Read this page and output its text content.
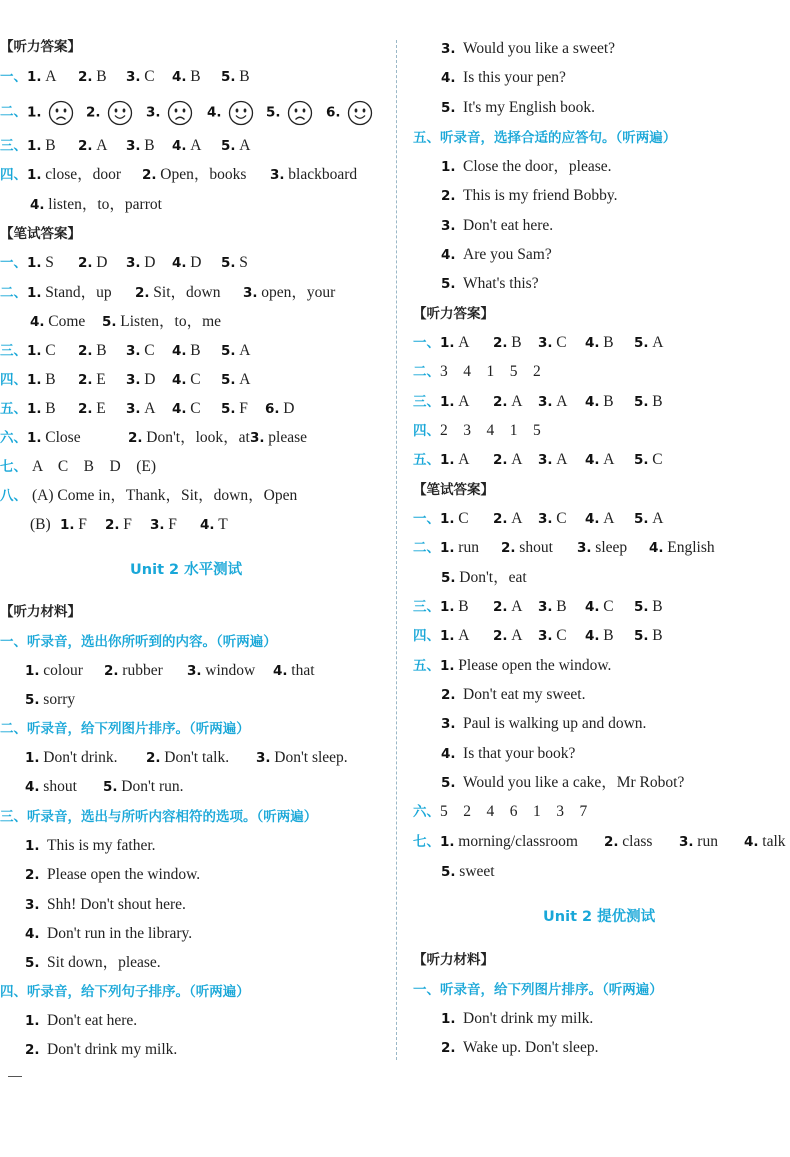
【听力答案】
一、 1. A 2. B 3. C 4. B 5. B
二、 1.	2.	3.	4.	5.	6.
三、 1. B 2. A 3. B 4. A 5. A
四、 1. close，door 2. Open，books 3. blackboard
4. listen，to，parrot
【笔试答案】
一、 1. S 2. D 3. D 4. D 5. S
二、 1. Stand，up 2. Sit，down 3. open，your
4. Come 5. Listen，to，me
三、 1. C 2. B 3. C 4. B 5. A
四、 1. B 2. E 3. D 4. C 5. A
五、 1. B 2. E 3. A 4. C 5. F 6. D
六、 1. Close	2. Don't，look，at 3. please
七、 A　C　B　D　(E)
八、 (A) Come in，Thank，Sit，down，Open
(B) 1. F 2. F 3. F 4. T
Unit 2 水平测试
【听力材料】
一、听录音，选出你所听到的内容。（听两遍）
1. colour 2. rubber 3. window 4. that
5. sorry
二、听录音，给下列图片排序。（听两遍）
1. Don't drink. 2. Don't talk. 3. Don't sleep.
4. shout 5. Don't run.
三、听录音，选出与所听内容相符的选项。（听两遍）
1. This is my father.
2. Please open the window.
3. Shh! Don't shout here.
4. Don't run in the library.
5. Sit down，please.
四、听录音，给下列句子排序。（听两遍）
1. Don't eat here.
2. Don't drink my milk.
3. Would you like a sweet?
4. Is this your pen?
5. It's my English book.
五、听录音，选择合适的应答句。（听两遍）
1. Close the door，please.
2. This is my friend Bobby.
3. Don't eat here.
4. Are you Sam?
5. What's this?
【听力答案】
一、 1. A 2. B 3. C 4. B 5. A
二、 3　4　1　5　2
三、 1. A 2. A 3. A 4. B 5. B
四、 2　3　4　1　5
五、 1. A 2. A 3. A 4. A 5. C
【笔试答案】
一、 1. C 2. A 3. C 4. A 5. A
二、 1. run 2. shout 3. sleep 4. English
5. Don't，eat
三、 1. B 2. A 3. B 4. C 5. B
四、 1. A 2. A 3. C 4. B 5. B
五、 1. Please open the window.
2. Don't eat my sweet.
3. Paul is walking up and down.
4. Is that your book?
5. Would you like a cake，Mr Robot?
六、 5　2　4　6　1　3　7
七、 1. morning/classroom 2. class 3. run 4. talk
5. sweet
Unit 2 提优测试
【听力材料】
一、听录音，给下列图片排序。（听两遍）
1. Don't drink my milk.
2. Wake up. Don't sleep.
